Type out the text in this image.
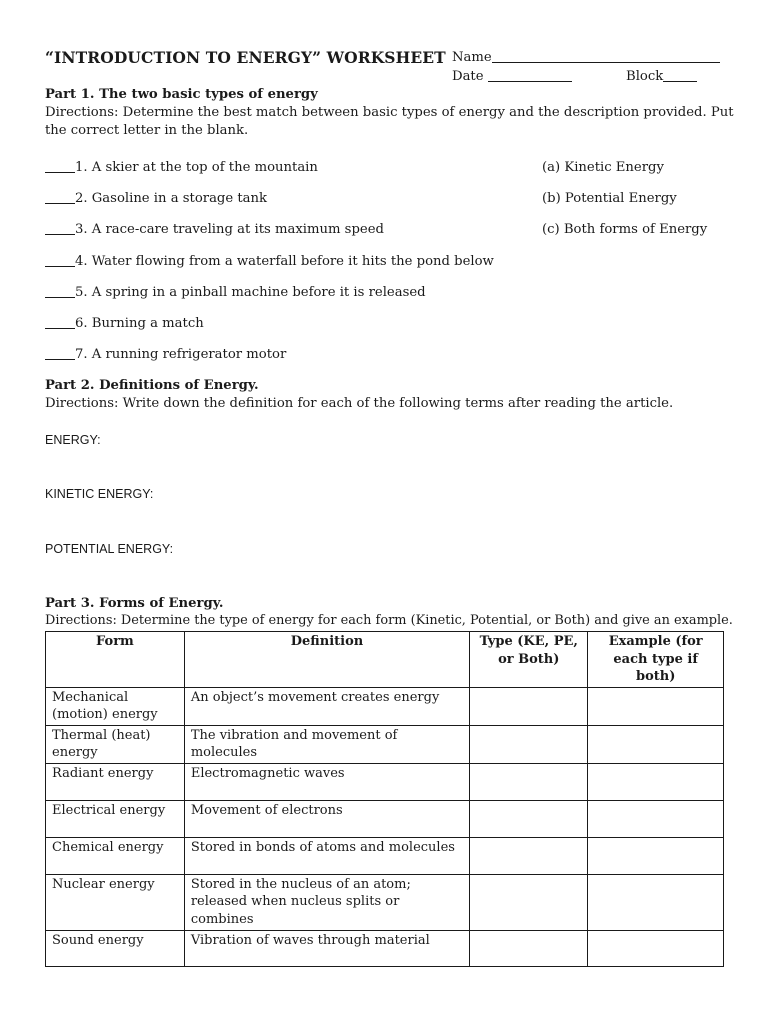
“INTRODUCTION TO ENERGY” WORKSHEET Name
Date	Block
Part 1. The two basic types of energy
Directions: Determine the best match between basic types of energy and the description provided. Put
the correct letter in the blank.
1. A skier at the top of the mountain
2. Gasoline in a storage tank
3. A race-care traveling at its maximum speed
4. Water flowing from a waterfall before it hits the pond below
5. A spring in a pinball machine before it is released
6. Burning a match
7. A running refrigerator motor
(a) Kinetic Energy
(b) Potential Energy
(c) Both forms of Energy
Part 2. Definitions of Energy.
Directions: Write down the definition for each of the following terms after reading the article.
ENERGY:
KINETIC ENERGY:
POTENTIAL ENERGY:
Part 3. Forms of Energy.
Directions: Determine the type of energy for each form (Kinetic, Potential, or Both) and give an example.
Form	Definition	Type (KE, PE, or Both)	Example (for each type if both)
Mechanical (motion) energy	An object’s movement creates energy		
Thermal (heat) energy	The vibration and movement of molecules		
Radiant energy	Electromagnetic waves		
Electrical energy	Movement of electrons		
Chemical energy	Stored in bonds of atoms and molecules		
Nuclear energy	Stored in the nucleus of an atom; released when nucleus splits or combines		
Sound energy	Vibration of waves through material		
